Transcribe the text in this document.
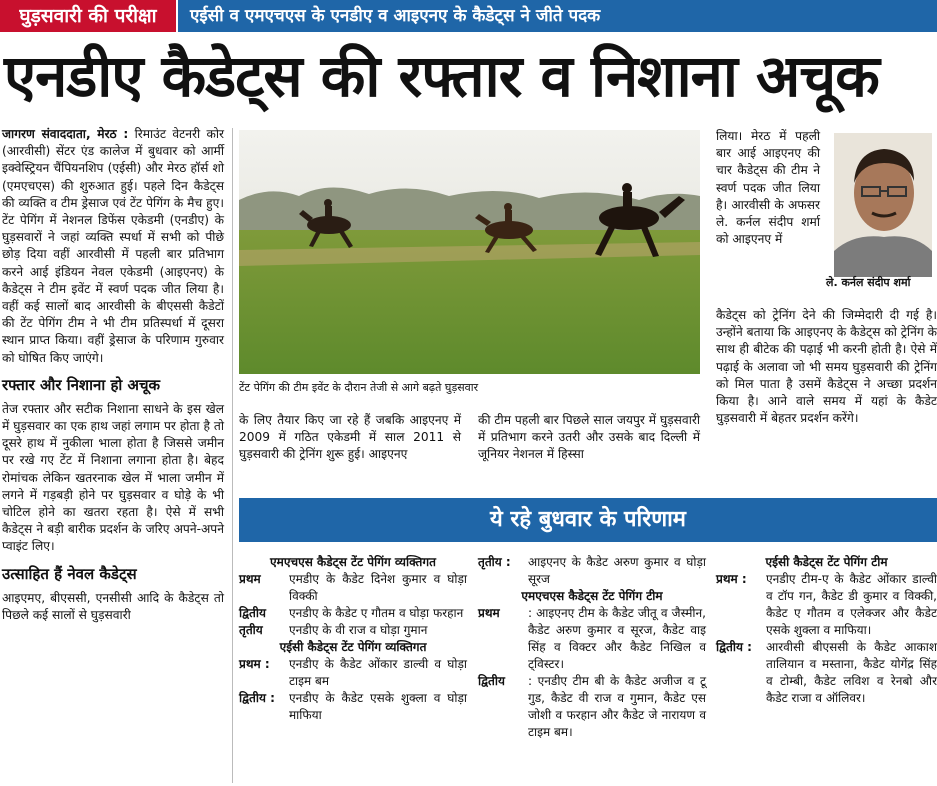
घुड़सवारी की परीक्षा	एईसी व एमएचएस के एनडीए व आइएनए के कैडेट्स ने जीते पदक
एनडीए कैडेट्स की रफ्तार व निशाना अचूक
जागरण संवाददाता, मेरठ : रिमाउंट वेटनरी कोर (आरवीसी) सेंटर एंड कालेज में बुधवार को आर्मी इक्वेस्ट्रियन चैंपियनशिप (एईसी) और मेरठ हॉर्स शो (एमएचएस) की शुरुआत हुई। पहले दिन कैडेट्स की व्यक्ति व टीम ड्रेसाज एवं टेंट पेगिंग के मैच हुए। टेंट पेगिंग में नेशनल डिफेंस एकेडमी (एनडीए) के घुड़सवारों ने जहां व्यक्ति स्पर्धा में सभी को पीछे छोड़ दिया वहीं आरवीसी में पहली बार प्रतिभाग करने आई इंडियन नेवल एकेडमी (आइएनए) के कैडेट्स ने टीम इवेंट में स्वर्ण पदक जीत लिया है। वहीं कई सालों बाद आरवीसी के बीएससी कैडेटों की टेंट पेगिंग टीम ने भी टीम प्रतिस्पर्धा में दूसरा स्थान प्राप्त किया। वहीं ड्रेसाज के परिणाम गुरुवार को घोषित किए जाएंगे।
रफ्तार और निशाना हो अचूक
तेज रफ्तार और सटीक निशाना साधने के इस खेल में घुड़सवार का एक हाथ जहां लगाम पर होता है तो दूसरे हाथ में नुकीला भाला होता है जिससे जमीन पर रखे गए टेंट में निशाना लगाना होता है। बेहद रोमांचक लेकिन खतरनाक खेल में भाला जमीन में लगने में गड़बड़ी होने पर घुड़सवार व घोड़े के भी चोटिल होने का खतरा रहता है। ऐसे में सभी कैडेट्स ने बड़ी बारीक प्रदर्शन के जरिए अपने-अपने प्वाइंट लिए।
उत्साहित हैं नेवल कैडेट्स
आइएमए, बीएससी, एनसीसी आदि के कैडेट्स तो पिछले कई सालों से घुड़सवारी
टेंट पेगिंग की टीम इवेंट के दौरान तेजी से आगे बढ़ते घुड़सवार
के लिए तैयार किए जा रहे हैं जबकि आइएनए में 2009 में गठित एकेडमी में साल 2011 से घुड़सवारी की ट्रेनिंग शुरू हुई। आइएनए
की टीम पहली बार पिछले साल जयपुर में घुड़सवारी में प्रतिभाग करने उतरी और उसके बाद दिल्ली में जूनियर नेशनल में हिस्सा
लिया। मेरठ में पहली बार आई आइएनए की चार कैडेट्स की टीम ने स्वर्ण पदक जीत लिया है। आरवीसी के अफसर ले. कर्नल संदीप शर्मा को आइएनए में
ले. कर्नल संदीप शर्मा
कैडेट्स को ट्रेनिंग देने की जिम्मेदारी दी गई है। उन्होंने बताया कि आइएनए के कैडेट्स को ट्रेनिंग के साथ ही बीटेक की पढ़ाई भी करनी होती है। ऐसे में पढ़ाई के अलावा जो भी समय घुड़सवारी की ट्रेनिंग को मिल पाता है उसमें कैडेट्स ने अच्छा प्रदर्शन किया है। आने वाले समय में यहां के कैडेट घुड़सवारी में बेहतर प्रदर्शन करेंगे।
ये रहे बुधवार के परिणाम

एमएचएस कैडेट्स टेंट पेगिंग व्यक्तिगत

प्रथम	एमडीए के कैडेट दिनेश कुमार व घोड़ा विक्की
द्वितीय	एनडीए के कैडेट ए गौतम व घोड़ा फरहान
तृतीय	एनडीए के वी राज व घोड़ा गुमान

एईसी कैडेट्स टेंट पेगिंग व्यक्तिगत

प्रथम :	एनडीए के कैडेट ओंकार डाल्वी व घोड़ा टाइम बम
द्वितीय :	एनडीए के कैडेट एसके शुक्ला व घोड़ा माफिया
तृतीय :	आइएनए के कैडेट अरुण कुमार व घोड़ा सूरज

एमएचएस कैडेट्स टेंट पेगिंग टीम

प्रथम	: आइएनए टीम के कैडेट जीतू व जैस्मीन, कैडेट अरुण कुमार व सूरज, कैडेट वाइ सिंह व विक्टर और कैडेट निखिल व ट्विस्टर।
द्वितीय	: एनडीए टीम बी के कैडेट अजीज व टू गुड, कैडेट वी राज व गुमान, कैडेट एस जोशी व फरहान और कैडेट जे नारायण व टाइम बम।

एईसी कैडेट्स टेंट पेगिंग टीम

प्रथम :	एनडीए टीम-ए के कैडेट ओंकार डाल्वी व टॉप गन, कैडेट डी कुमार व विक्की, कैडेट ए गौतम व एलेक्जर और कैडेट एसके शुक्ला व माफिया।
द्वितीय :	आरवीसी बीएससी के कैडेट आकाश तालियान व मस्ताना, कैडेट योगेंद्र सिंह व टोम्बी, कैडेट लविश व रेनबो और कैडेट राजा व ऑलिवर।
